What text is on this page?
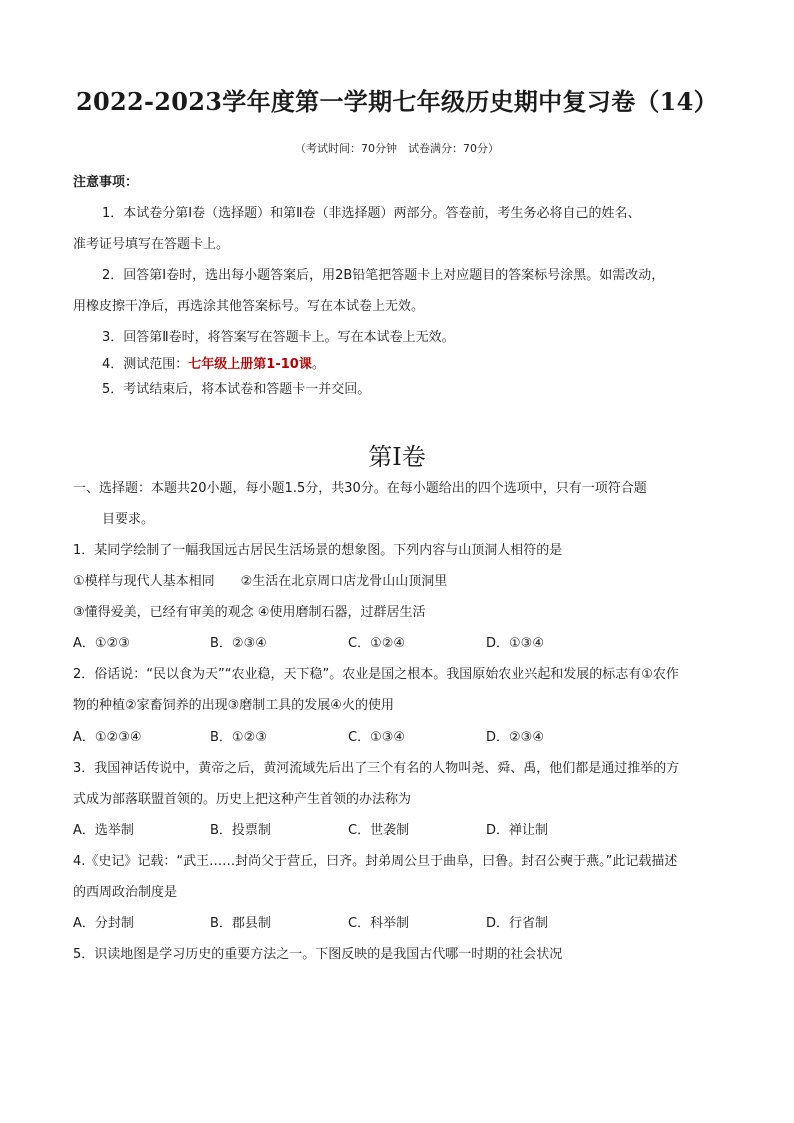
2022-2023学年度第一学期七年级历史期中复习卷（14）
（考试时间：70分钟　试卷满分：70分）
注意事项：
1．本试卷分第Ⅰ卷（选择题）和第Ⅱ卷（非选择题）两部分。答卷前，考生务必将自己的姓名、
准考证号填写在答题卡上。
2．回答第Ⅰ卷时，选出每小题答案后，用2B铅笔把答题卡上对应题目的答案标号涂黑。如需改动，
用橡皮擦干净后，再选涂其他答案标号。写在本试卷上无效。
3．回答第Ⅱ卷时，将答案写在答题卡上。写在本试卷上无效。
4．测试范围：七年级上册第1-10课。
5．考试结束后，将本试卷和答题卡一并交回。
第Ⅰ卷
一、选择题：本题共20小题，每小题1.5分，共30分。在每小题给出的四个选项中，只有一项符合题
目要求。
1．某同学绘制了一幅我国远古居民生活场景的想象图。下列内容与山顶洞人相符的是
①模样与现代人基本相同　　②生活在北京周口店龙骨山山顶洞里
③懂得爱美，已经有审美的观念 ④使用磨制石器，过群居生活
A．①②③	B．②③④	C．①②④	D．①③④
2．俗话说：“民以食为天”“农业稳，天下稳”。农业是国之根本。我国原始农业兴起和发展的标志有①农作
物的种植②家畜饲养的出现③磨制工具的发展④火的使用
A．①②③④	B．①②③	C．①③④	D．②③④
3．我国神话传说中，黄帝之后，黄河流域先后出了三个有名的人物叫尧、舜、禹，他们都是通过推举的方
式成为部落联盟首领的。历史上把这种产生首领的办法称为
A．选举制	B．投票制	C．世袭制	D．禅让制
4.《史记》记载：“武王……封尚父于营丘，曰齐。封弟周公旦于曲阜，曰鲁。封召公奭于燕。”此记载描述
的西周政治制度是
A．分封制	B．郡县制	C．科举制	D．行省制
5．识读地图是学习历史的重要方法之一。下图反映的是我国古代哪一时期的社会状况
